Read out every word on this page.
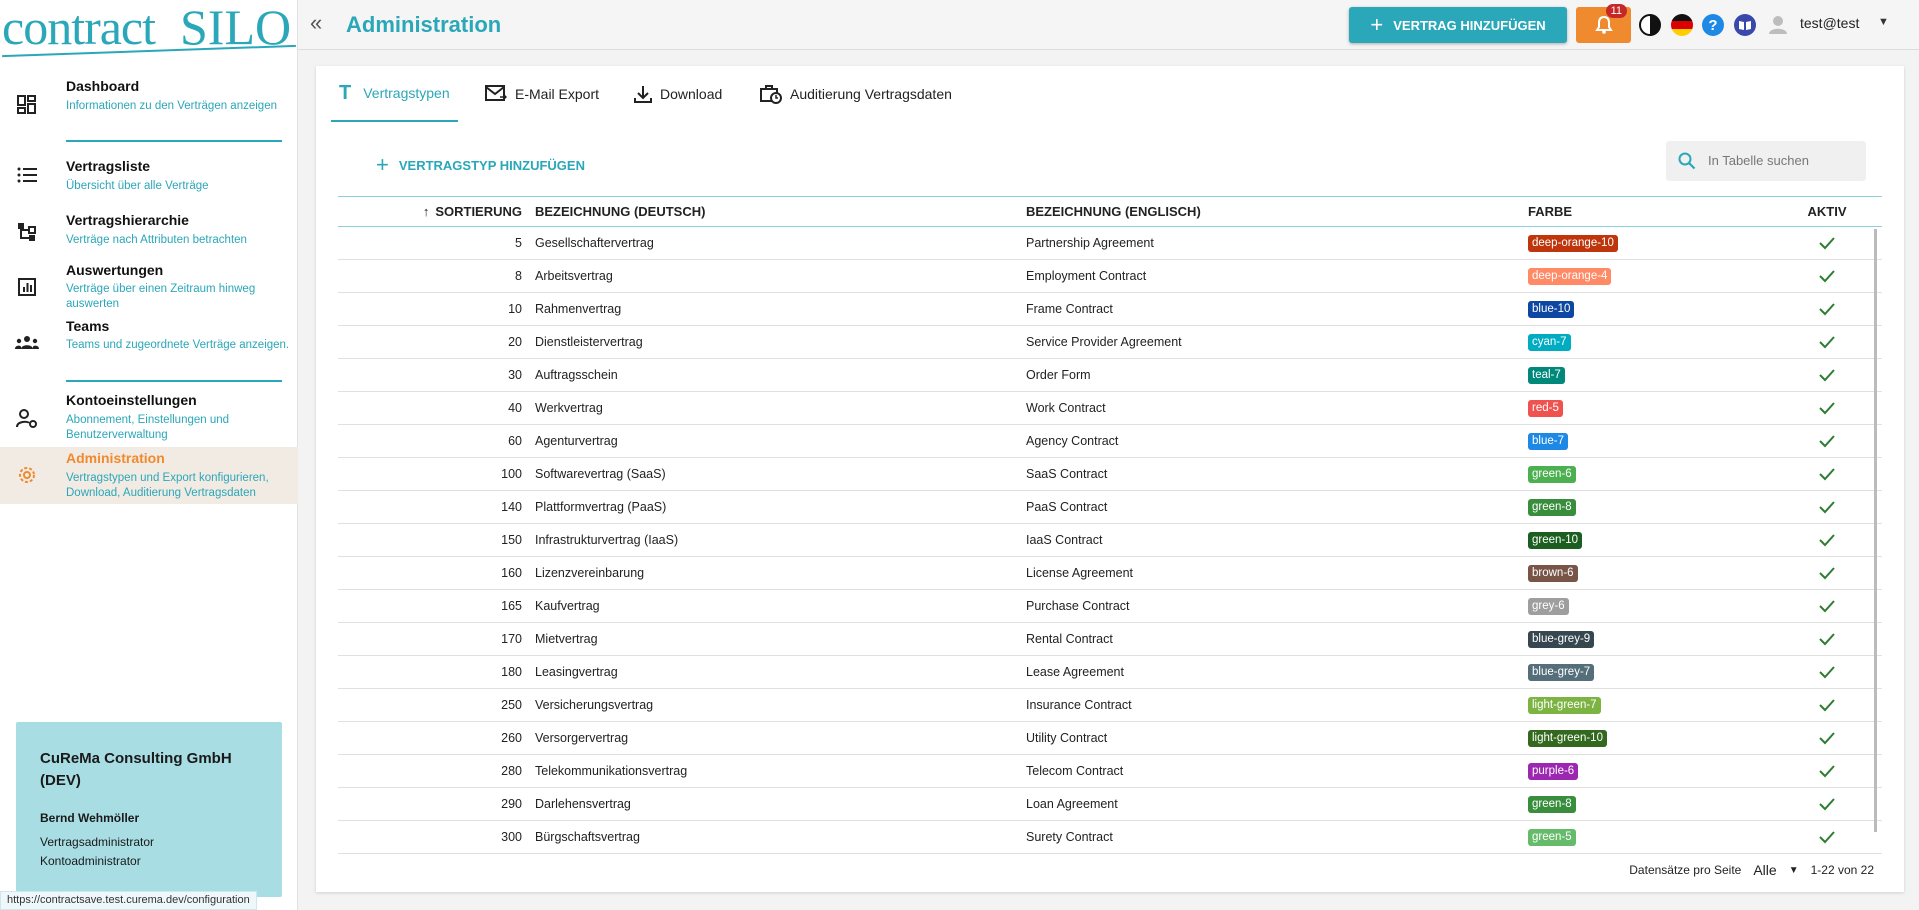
contract SILO
Dashboard
Informationen zu den Verträgen anzeigen
Vertragsliste
Übersicht über alle Verträge
Vertragshierarchie
Verträge nach Attributen betrachten
Auswertungen
Verträge über einen Zeitraum hinweg auswerten
Teams
Teams und zugeordnete Verträge anzeigen.
Kontoeinstellungen
Abonnement, Einstellungen und Benutzerverwaltung
Administration
Vertragstypen und Export konfigurieren, Download, Auditierung Vertragsdaten
CuReMa Consulting GmbH (DEV)
Bernd Wehmöller
Vertragsadministrator
Kontoadministrator
https://contractsave.test.curema.dev/configuration
«	Administration	+ VERTRAG HINZUFÜGEN
11
?	test@test ▼
T Vertragstypen	E-Mail Export	Download	Auditierung Vertragsdaten
+ VERTRAGSTYP HINZUFÜGEN	In Tabelle suchen
↑ SORTIERUNG BEZEICHNUNG (DEUTSCH)	BEZEICHNUNG (ENGLISCH)	FARBE	AKTIV
5 Gesellschaftervertrag	Partnership Agreement	deep-orange-10
8 Arbeitsvertrag	Employment Contract	deep-orange-4
10 Rahmenvertrag	Frame Contract	blue-10
20 Dienstleistervertrag	Service Provider Agreement	cyan-7
30 Auftragsschein	Order Form	teal-7
40 Werkvertrag	Work Contract	red-5
60 Agenturvertrag	Agency Contract	blue-7
100 Softwarevertrag (SaaS)	SaaS Contract	green-6
140 Plattformvertrag (PaaS)	PaaS Contract	green-8
150 Infrastrukturvertrag (IaaS)	IaaS Contract	green-10
160 Lizenzvereinbarung	License Agreement	brown-6
165 Kaufvertrag	Purchase Contract	grey-6
170 Mietvertrag	Rental Contract	blue-grey-9
180 Leasingvertrag	Lease Agreement	blue-grey-7
250 Versicherungsvertrag	Insurance Contract	light-green-7
260 Versorgervertrag	Utility Contract	light-green-10
280 Telekommunikationsvertrag	Telecom Contract	purple-6
290 Darlehensvertrag	Loan Agreement	green-8
300 Bürgschaftsvertrag	Surety Contract	green-5
Datensätze pro Seite Alle ▼ 1-22 von 22
